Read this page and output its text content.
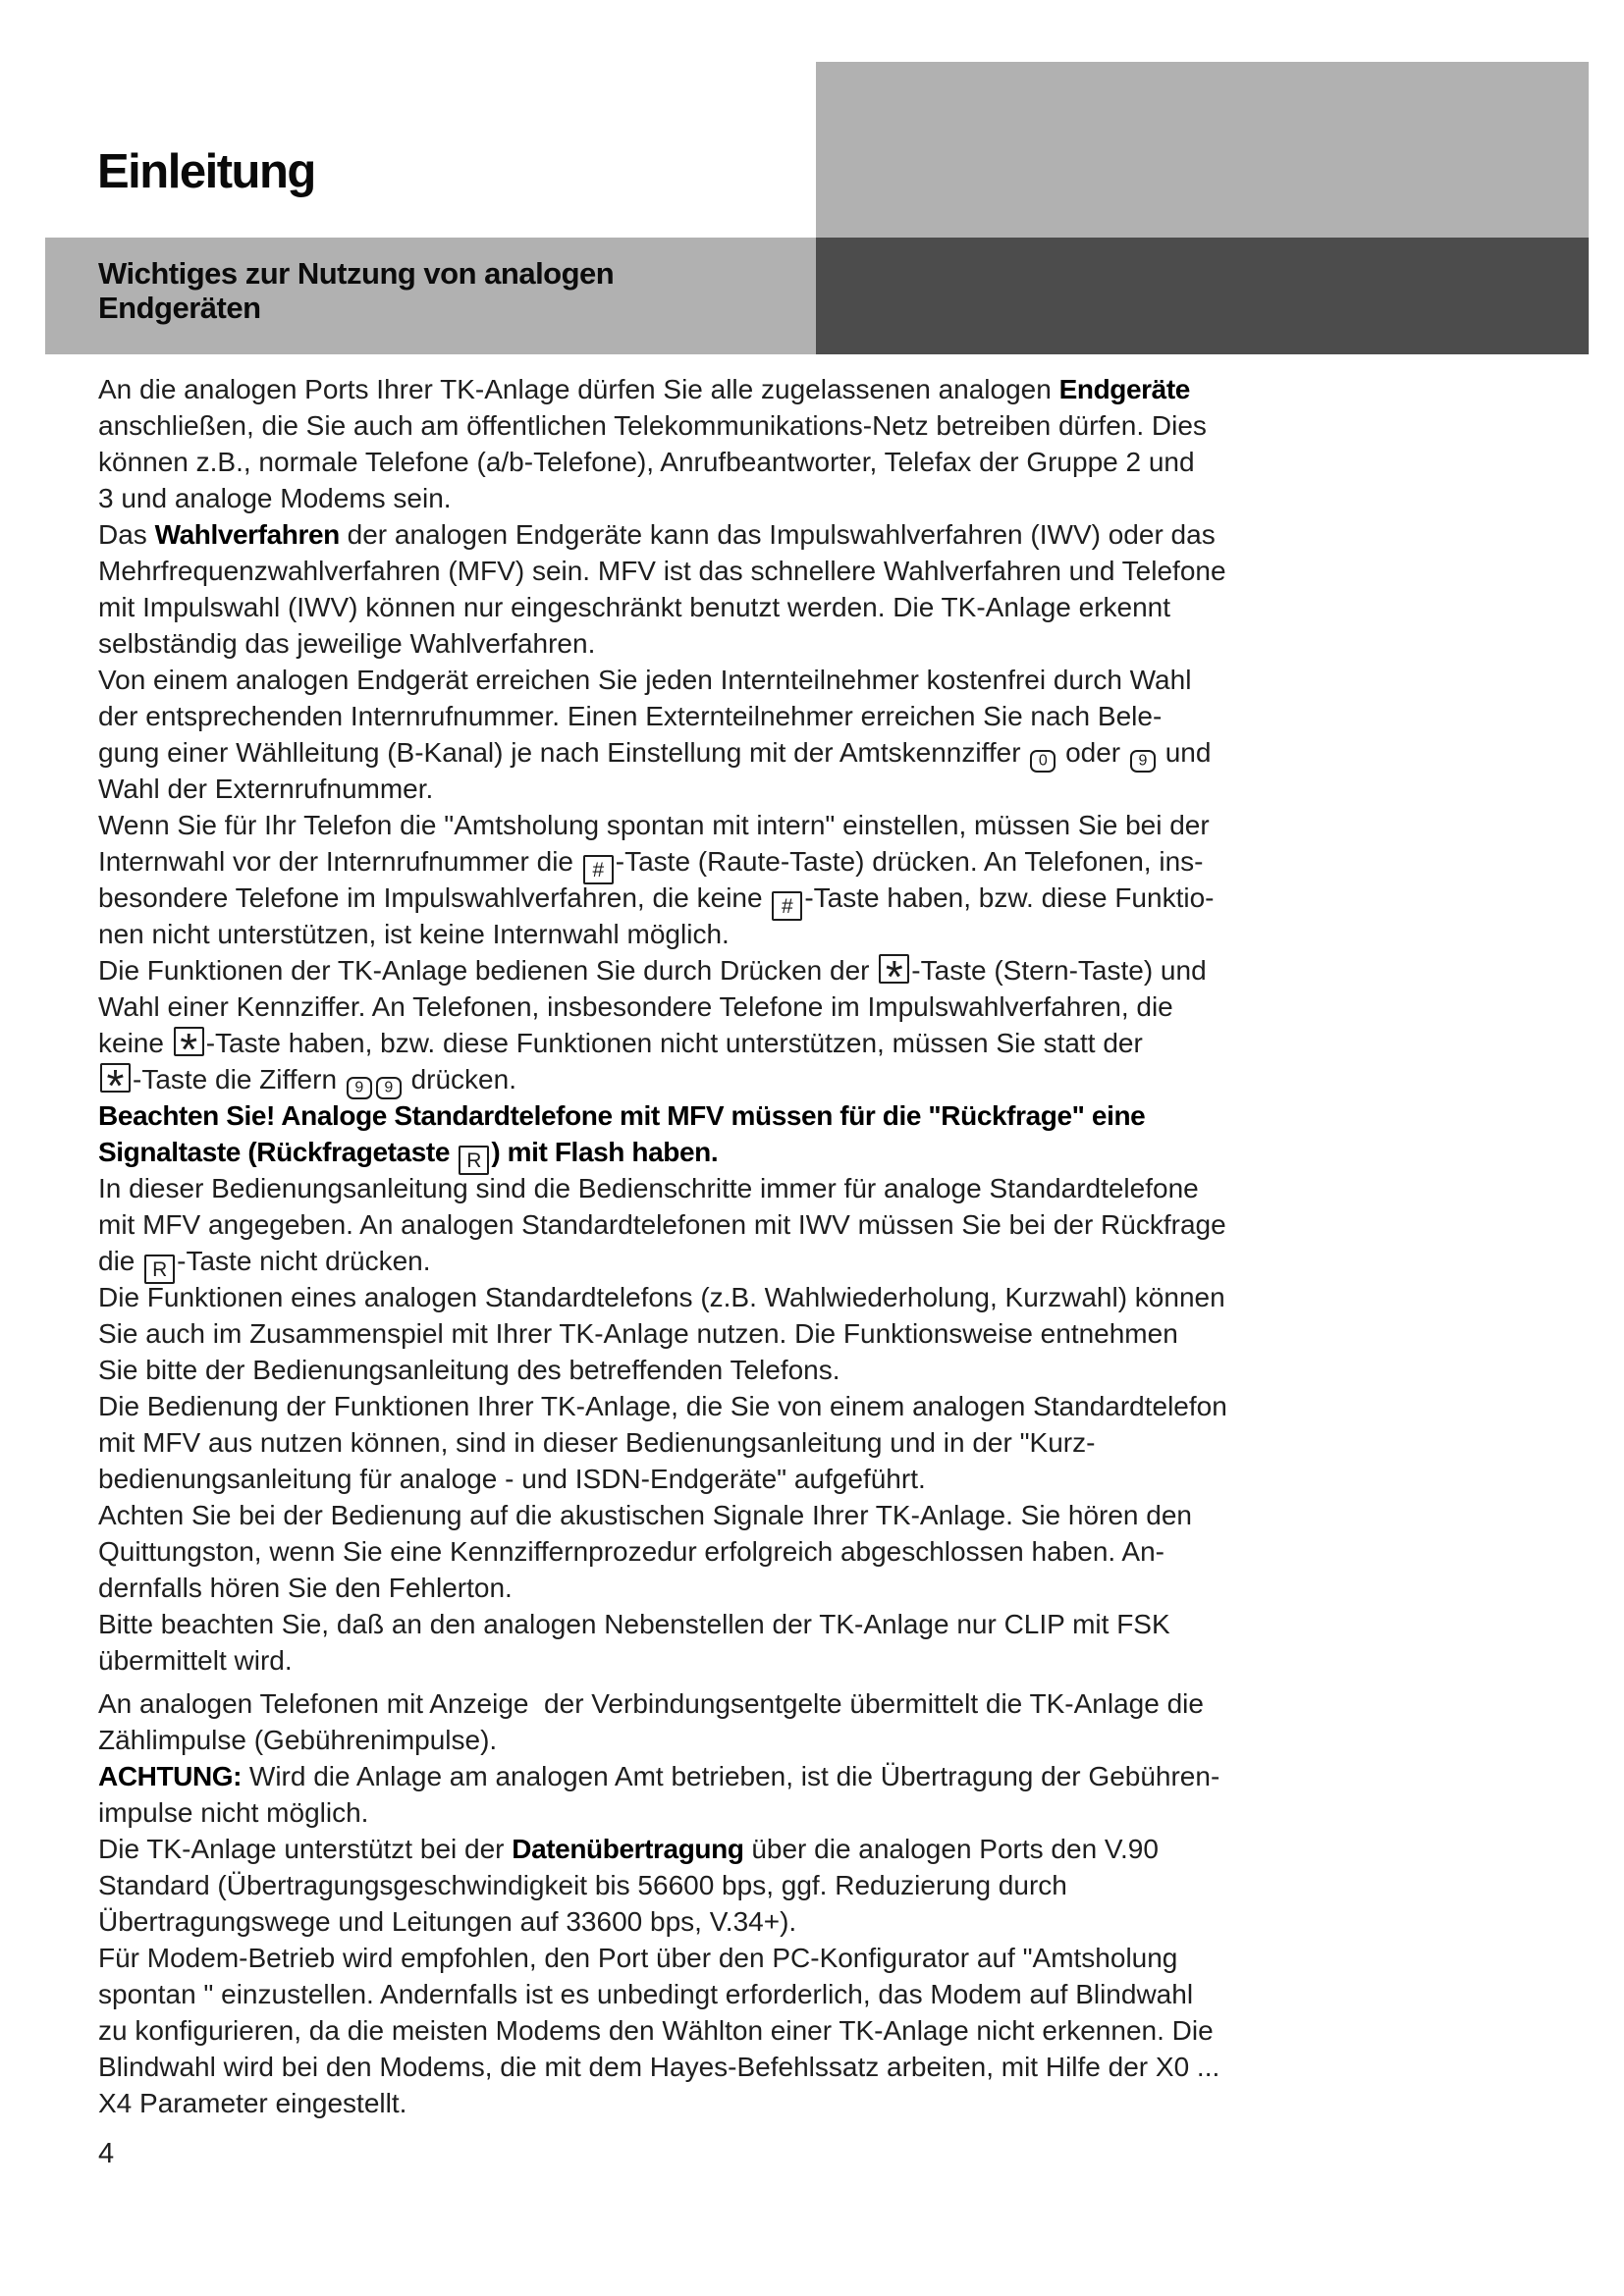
Einleitung
Wichtiges zur Nutzung von analogen
Endgeräten
An die analogen Ports Ihrer TK-Anlage dürfen Sie alle zugelassenen analogen Endgeräte
anschließen, die Sie auch am öffentlichen Telekommunikations-Netz betreiben dürfen. Dies
können z.B., normale Telefone (a/b-Telefone), Anrufbeantworter, Telefax der Gruppe 2 und
3 und analoge Modems sein.
Das Wahlverfahren der analogen Endgeräte kann das Impulswahlverfahren (IWV) oder das
Mehrfrequenzwahlverfahren (MFV) sein. MFV ist das schnellere Wahlverfahren und Telefone
mit Impulswahl (IWV) können nur eingeschränkt benutzt werden. Die TK-Anlage erkennt
selbständig das jeweilige Wahlverfahren.
Von einem analogen Endgerät erreichen Sie jeden Internteilnehmer kostenfrei durch Wahl
der entsprechenden Internrufnummer. Einen Externteilnehmer erreichen Sie nach Bele-
gung einer Wählleitung (B-Kanal) je nach Einstellung mit der Amtskennziffer 0 oder 9 und
Wahl der Externrufnummer.
Wenn Sie für Ihr Telefon die "Amtsholung spontan mit intern" einstellen, müssen Sie bei der
Internwahl vor der Internrufnummer die # -Taste (Raute-Taste) drücken. An Telefonen, ins-
besondere Telefone im Impulswahlverfahren, die keine # -Taste haben, bzw. diese Funktio-
nen nicht unterstützen, ist keine Internwahl möglich.
Die Funktionen der TK-Anlage bedienen Sie durch Drücken der * -Taste (Stern-Taste) und
Wahl einer Kennziffer. An Telefonen, insbesondere Telefone im Impulswahlverfahren, die
keine * -Taste haben, bzw. diese Funktionen nicht unterstützen, müssen Sie statt der
* -Taste die Ziffern 9 9 drücken.
Beachten Sie! Analoge Standardtelefone mit MFV müssen für die "Rückfrage" eine
Signaltaste (Rückfragetaste R ) mit Flash haben.
In dieser Bedienungsanleitung sind die Bedienschritte immer für analoge Standardtelefone
mit MFV angegeben. An analogen Standardtelefonen mit IWV müssen Sie bei der Rückfrage
die R -Taste nicht drücken.
Die Funktionen eines analogen Standardtelefons (z.B. Wahlwiederholung, Kurzwahl) können
Sie auch im Zusammenspiel mit Ihrer TK-Anlage nutzen. Die Funktionsweise entnehmen
Sie bitte der Bedienungsanleitung des betreffenden Telefons.
Die Bedienung der Funktionen Ihrer TK-Anlage, die Sie von einem analogen Standardtelefon
mit MFV aus nutzen können, sind in dieser Bedienungsanleitung und in der "Kurz-
bedienungsanleitung für analoge - und ISDN-Endgeräte" aufgeführt.
Achten Sie bei der Bedienung auf die akustischen Signale Ihrer TK-Anlage. Sie hören den
Quittungston, wenn Sie eine Kennziffernprozedur erfolgreich abgeschlossen haben. An-
dernfalls hören Sie den Fehlerton.
Bitte beachten Sie, daß an den analogen Nebenstellen der TK-Anlage nur CLIP mit FSK
übermittelt wird.
An analogen Telefonen mit Anzeige  der Verbindungsentgelte übermittelt die TK-Anlage die
Zählimpulse (Gebührenimpulse).
ACHTUNG: Wird die Anlage am analogen Amt betrieben, ist die Übertragung der Gebühren-
impulse nicht möglich.
Die TK-Anlage unterstützt bei der Datenübertragung über die analogen Ports den V.90
Standard (Übertragungsgeschwindigkeit bis 56600 bps, ggf. Reduzierung durch
Übertragungswege und Leitungen auf 33600 bps, V.34+).
Für Modem-Betrieb wird empfohlen, den Port über den PC-Konfigurator auf "Amtsholung
spontan " einzustellen. Andernfalls ist es unbedingt erforderlich, das Modem auf Blindwahl
zu konfigurieren, da die meisten Modems den Wählton einer TK-Anlage nicht erkennen. Die
Blindwahl wird bei den Modems, die mit dem Hayes-Befehlssatz arbeiten, mit Hilfe der X0 ...
X4 Parameter eingestellt.
4
